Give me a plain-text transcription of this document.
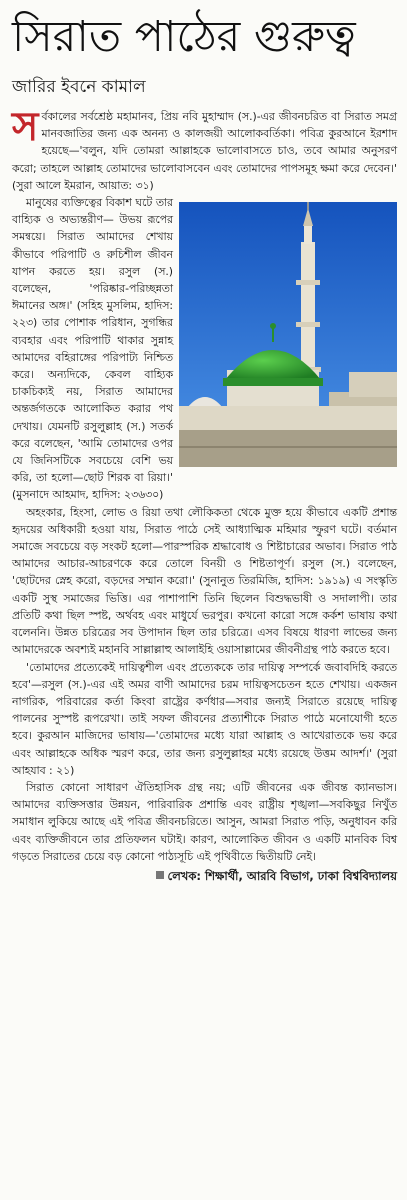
সিরাত পাঠের গুরুত্ব
জারির ইবনে কামাল

সর্বকালের সর্বশ্রেষ্ঠ মহামানব, প্রিয় নবি মুহাম্মাদ (স.)-এর জীবনচরিত বা সিরাত সমগ্র মানবজাতির জন্য এক অনন্য ও কালজয়ী আলোকবর্তিকা। পবিত্র কুরআনে ইরশাদ হয়েছে—'বলুন, যদি তোমরা আল্লাহকে ভালোবাসতে চাও, তবে আমার অনুসরণ করো; তাহলে আল্লাহ তোমাদের ভালোবাসবেন এবং তোমাদের পাপসমূহ ক্ষমা করে দেবেন।' (সুরা আলে ইমরান, আয়াত: ৩১)

মানুষের ব্যক্তিত্বের বিকাশ ঘটে তার বাহ্যিক ও অভ্যন্তরীণ— উভয় রূপের সমন্বয়ে। সিরাত আমাদের শেখায় কীভাবে পরিপাটি ও রুচিশীল জীবন যাপন করতে হয়। রসুল (স.) বলেছেন, 'পরিষ্কার-পরিচ্ছন্নতা ঈমানের অঙ্গ।' (সহিহ মুসলিম, হাদিস: ২২৩) তার পোশাক পরিধান, সুগন্ধির ব্যবহার এবং পরিপাটি থাকার সুন্নাহ আমাদের বহিরাঙ্গের পরিপাট্য নিশ্চিত করে। অন্যদিকে, কেবল বাহ্যিক চাকচিক্যই নয়, সিরাত আমাদের অন্তর্জগতকে আলোকিত করার পথ দেখায়। যেমনটি রসুলুল্লাহ (স.) সতর্ক করে বলেছেন, 'আমি তোমাদের ওপর যে জিনিসটিকে সবচেয়ে বেশি ভয় করি, তা হলো—ছোট শিরক বা রিয়া।' (মুসনাদে আহমাদ, হাদিস: ২৩৬৩০)

অহংকার, হিংসা, লোভ ও রিয়া তথা লৌকিকতা থেকে মুক্ত হয়ে কীভাবে একটি প্রশান্ত হৃদয়ের অধিকারী হওয়া যায়, সিরাত পাঠে সেই আধ্যাত্মিক মহিমার স্ফুরণ ঘটে। বর্তমান সমাজে সবচেয়ে বড় সংকট হলো—পারস্পরিক শ্রদ্ধাবোধ ও শিষ্টাচারের অভাব। সিরাত পাঠ আমাদের আচার-আচরণকে করে তোলে বিনয়ী ও শিষ্টতাপূর্ণ। রসুল (স.) বলেছেন, 'ছোটদের স্নেহ করো, বড়দের সম্মান করো।' (সুনানুত তিরমিজি, হাদিস: ১৯১৯) এ সংস্কৃতি একটি সুস্থ সমাজের ভিত্তি। এর পাশাপাশি তিনি ছিলেন বিশুদ্ধভাষী ও সদালাপী। তার প্রতিটি কথা ছিল স্পষ্ট, অর্থবহ এবং মাধুর্যে ভরপুর। কখনো কারো সঙ্গে কর্কশ ভাষায় কথা বলেননি। উন্নত চরিত্রের সব উপাদান ছিল তার চরিত্রে। এসব বিষয়ে ধারণা লাভের জন্য আমাদেরকে অবশ্যই মহানবি সাল্লাল্লাহু আলাইহি ওয়াসাল্লামের জীবনীগ্রন্থ পাঠ করতে হবে।

'তোমাদের প্রত্যেকেই দায়িত্বশীল এবং প্রত্যেককে তার দায়িত্ব সম্পর্কে জবাবদিহি করতে হবে'—রসুল (স.)-এর এই অমর বাণী আমাদের চরম দায়িত্বসচেতন হতে শেখায়। একজন নাগরিক, পরিবারের কর্তা কিংবা রাষ্ট্রের কর্ণধার—সবার জন্যই সিরাতে রয়েছে দায়িত্ব পালনের সুস্পষ্ট রূপরেখা। তাই সফল জীবনের প্রত্যাশীকে সিরাত পাঠে মনোযোগী হতে হবে। কুরআন মাজিদের ভাষায়—'তোমাদের মধ্যে যারা আল্লাহ ও আখেরাতকে ভয় করে এবং আল্লাহকে অধিক স্মরণ করে, তার জন্য রসুলুল্লাহর মধ্যে রয়েছে উত্তম আদর্শ।' (সুরা আহযাব : ২১)

সিরাত কোনো সাধারণ ঐতিহাসিক গ্রন্থ নয়; এটি জীবনের এক জীবন্ত ক্যানভাস। আমাদের ব্যক্তিসত্তার উন্নয়ন, পারিবারিক প্রশান্তি এবং রাষ্ট্রীয় শৃঙ্খলা—সবকিছুর নিখুঁত সমাধান লুকিয়ে আছে এই পবিত্র জীবনচরিতে। আসুন, আমরা সিরাত পড়ি, অনুধাবন করি এবং ব্যক্তিজীবনে তার প্রতিফলন ঘটাই। কারণ, আলোকিত জীবন ও একটি মানবিক বিশ্ব গড়তে সিরাতের চেয়ে বড় কোনো পাঠ্যসূচি এই পৃথিবীতে দ্বিতীয়টি নেই।

লেখক: শিক্ষার্থী, আরবি বিভাগ, ঢাকা বিশ্ববিদ্যালয়
